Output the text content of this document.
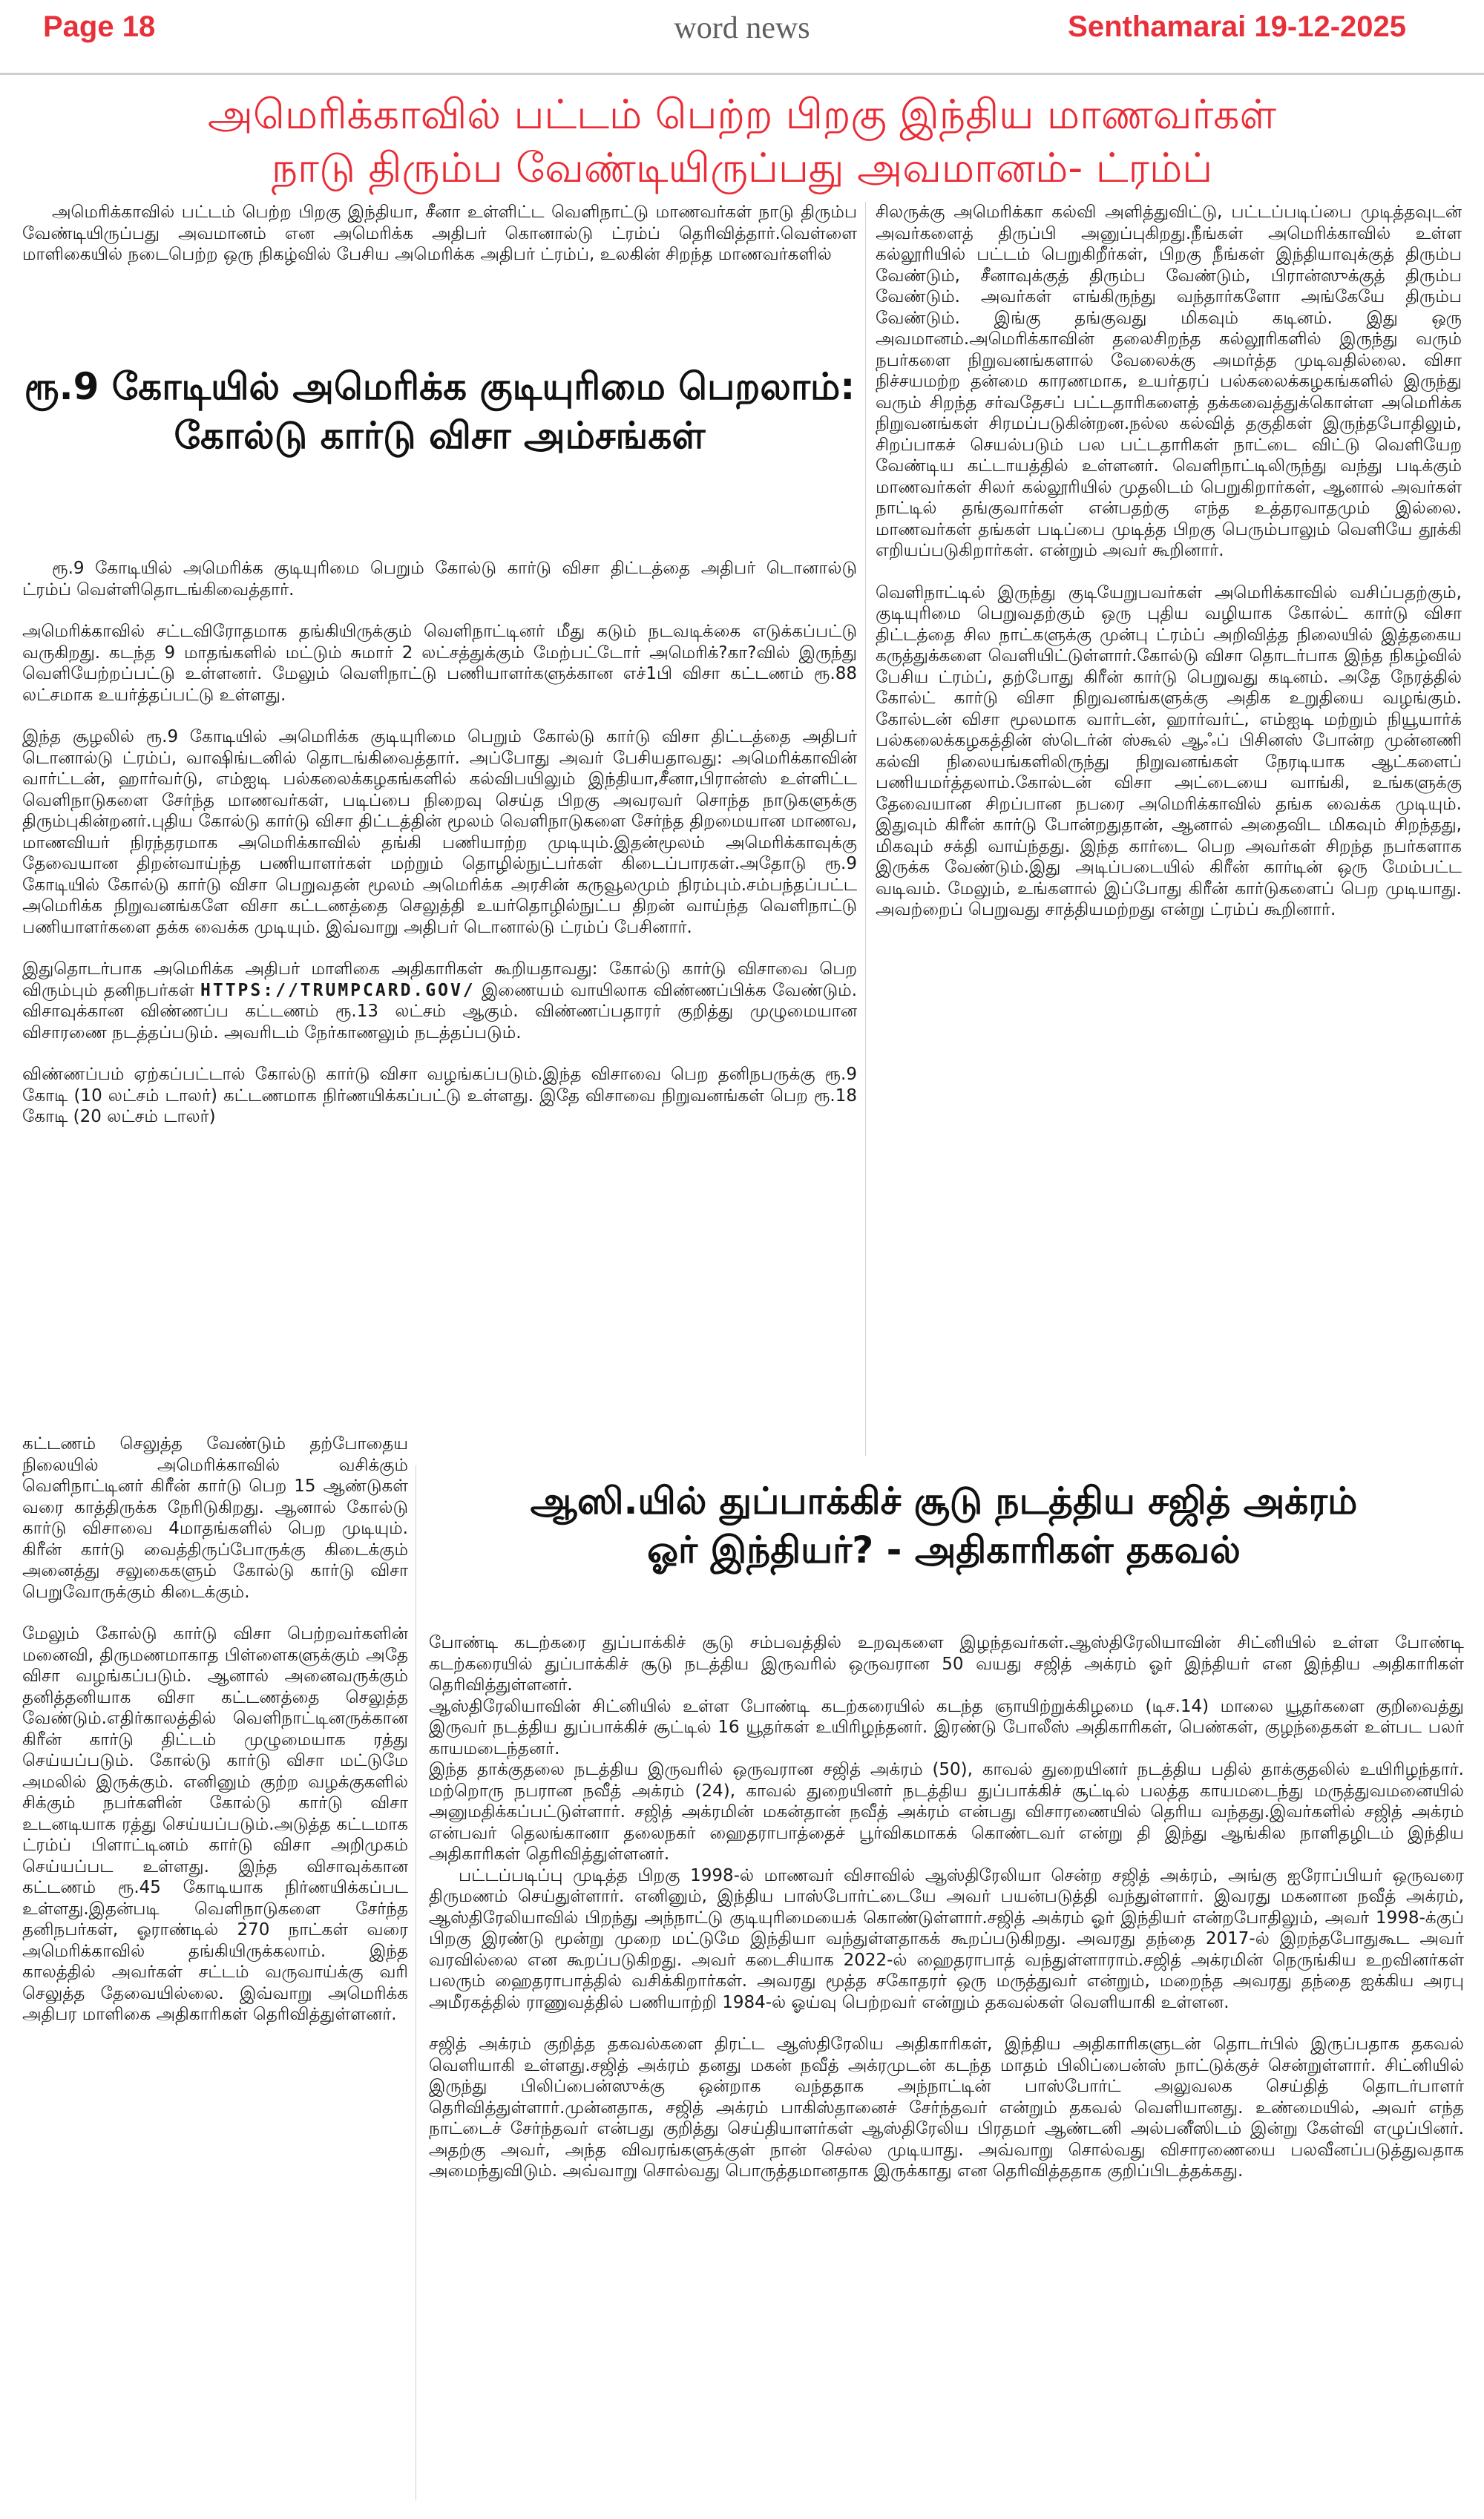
Page 18	word news	Senthamarai 19-12-2025
அமெரிக்காவில் பட்டம் பெற்ற பிறகு இந்திய மாணவர்கள்
நாடு திரும்ப வேண்டியிருப்பது அவமானம்- ட்ரம்ப்

அமெரிக்காவில் பட்டம் பெற்ற பிறகு இந்தியா, சீனா உள்ளிட்ட வெளிநாட்டு மாணவர்கள் நாடு திரும்ப வேண்டியிருப்பது அவமானம் என அமெரிக்க அதிபர் கொனால்டு ட்ரம்ப் தெரிவித்தார்.வெள்ளை மாளிகையில் நடைபெற்ற ஒரு நிகழ்வில் பேசிய அமெரிக்க அதிபர் ட்ரம்ப், உலகின் சிறந்த மாணவர்களில்

ரூ.9 கோடியில் அமெரிக்க குடியுரிமை பெறலாம்:
கோல்டு கார்டு விசா அம்சங்கள்

ரூ.9 கோடியில் அமெரிக்க குடியுரிமை பெறும் கோல்டு கார்டு விசா திட்டத்தை அதிபர் டொனால்டு ட்ரம்ப் வெள்ளிதொடங்கிவைத்தார்.

அமெரிக்காவில் சட்டவிரோதமாக தங்கியிருக்கும் வெளிநாட்டினர் மீது கடும் நடவடிக்கை எடுக்கப்பட்டு வருகிறது. கடந்த 9 மாதங்களில் மட்டும் சுமார் 2 லட்சத்துக்கும் மேற்பட்டோர் அமெரிக்?கா?வில் இருந்து வெளியேற்றப்பட்டு உள்ளனர். மேலும் வெளிநாட்டு பணியாளர்களுக்கான எச்1பி விசா கட்டணம் ரூ.88 லட்சமாக உயர்த்தப்பட்டு உள்ளது.

இந்த சூழலில் ரூ.9 கோடியில் அமெரிக்க குடியுரிமை பெறும் கோல்டு கார்டு விசா திட்டத்தை அதிபர் டொனால்டு ட்ரம்ப், வாஷிங்டனில் தொடங்கிவைத்தார். அப்போது அவர் பேசியதாவது: அமெரிக்காவின் வார்ட்டன், ஹார்வர்டு, எம்ஐடி பல்கலைக்கழகங்களில் கல்விபயிலும் இந்தியா,சீனா,பிரான்ஸ் உள்ளிட்ட வெளிநாடுகளை சேர்ந்த மாணவர்கள், படிப்பை நிறைவு செய்த பிறகு அவரவர் சொந்த நாடுகளுக்கு திரும்புகின்றனர்.புதிய கோல்டு கார்டு விசா திட்டத்தின் மூலம் வெளிநாடுகளை சேர்ந்த திறமையான மாணவ, மாணவியர் நிரந்தரமாக அமெரிக்காவில் தங்கி பணியாற்ற முடியும்.இதன்மூலம் அமெரிக்காவுக்கு தேவையான திறன்வாய்ந்த பணியாளர்கள் மற்றும் தொழில்நுட்பர்கள் கிடைப்பாரகள்.அதோடு ரூ.9 கோடியில் கோல்டு கார்டு விசா பெறுவதன் மூலம் அமெரிக்க அரசின் கருவூலமும் நிரம்பும்.சம்பந்தப்பட்ட அமெரிக்க நிறுவனங்களே விசா கட்டணத்தை செலுத்தி உயர்தொழில்நுட்ப திறன் வாய்ந்த வெளிநாட்டு பணியாளர்களை தக்க வைக்க முடியும். இவ்வாறு அதிபர் டொனால்டு ட்ரம்ப் பேசினார்.

இதுதொடர்பாக அமெரிக்க அதிபர் மாளிகை அதிகாரிகள் கூறியதாவது: கோல்டு கார்டு விசாவை பெற விரும்பும் தனிநபர்கள் HTTPS://TRUMPCARD.GOV/ இணையம் வாயிலாக விண்ணப்பிக்க வேண்டும். விசாவுக்கான விண்ணப்ப கட்டணம் ரூ.13 லட்சம் ஆகும். விண்ணப்பதாரர் குறித்து முழுமையான விசாரணை நடத்தப்படும். அவரிடம் நேர்காணலும் நடத்தப்படும்.

விண்ணப்பம் ஏற்கப்பட்டால் கோல்டு கார்டு விசா வழங்கப்படும்.இந்த விசாவை பெற தனிநபருக்கு ரூ.9 கோடி (10 லட்சம் டாலர்) கட்டணமாக நிர்ணயிக்கப்பட்டு உள்ளது. இதே விசாவை நிறுவனங்கள் பெற ரூ.18 கோடி (20 லட்சம் டாலர்)

கட்டணம் செலுத்த வேண்டும் தற்போதைய நிலையில் அமெரிக்காவில் வசிக்கும் வெளிநாட்டினர் கிரீன் கார்டு பெற 15 ஆண்டுகள் வரை காத்திருக்க நேரிடுகிறது. ஆனால் கோல்டு கார்டு விசாவை 4மாதங்களில் பெற முடியும். கிரீன் கார்டு வைத்திருப்போருக்கு கிடைக்கும் அனைத்து சலுகைகளும் கோல்டு கார்டு விசா பெறுவோருக்கும் கிடைக்கும்.

மேலும் கோல்டு கார்டு விசா பெற்றவர்களின் மனைவி, திருமணமாகாத பிள்ளைகளுக்கும் அதே விசா வழங்கப்படும். ஆனால் அனைவருக்கும் தனித்தனியாக விசா கட்டணத்தை செலுத்த வேண்டும்.எதிர்காலத்தில் வெளிநாட்டினருக்கான கிரீன் கார்டு திட்டம் முழுமையாக ரத்து செய்யப்படும். கோல்டு கார்டு விசா மட்டுமே அமலில் இருக்கும். எனினும் குற்ற வழக்குகளில் சிக்கும் நபர்களின் கோல்டு கார்டு விசா உடனடியாக ரத்து செய்யப்படும்.அடுத்த கட்டமாக ட்ரம்ப் பிளாட்டினம் கார்டு விசா அறிமுகம் செய்யப்பட உள்ளது. இந்த விசாவுக்கான கட்டணம் ரூ.45 கோடியாக நிர்ணயிக்கப்பட உள்ளது.இதன்படி வெளிநாடுகளை சேர்ந்த தனிநபர்கள், ஓராண்டில் 270 நாட்கள் வரை அமெரிக்காவில் தங்கியிருக்கலாம். இந்த காலத்தில் அவர்கள் சட்டம் வருவாய்க்கு வரி செலுத்த தேவையில்லை. இவ்வாறு அமெரிக்க அதிபர மாளிகை அதிகாரிகள் தெரிவித்துள்ளனர்.

சிலருக்கு அமெரிக்கா கல்வி அளித்துவிட்டு, பட்டப்படிப்பை முடித்தவுடன் அவர்களைத் திருப்பி அனுப்புகிறது.நீங்கள் அமெரிக்காவில் உள்ள கல்லூரியில் பட்டம் பெறுகிறீர்கள், பிறகு நீங்கள் இந்தியாவுக்குத் திரும்ப வேண்டும், சீனாவுக்குத் திரும்ப வேண்டும், பிரான்ஸுக்குத் திரும்ப வேண்டும். அவர்கள் எங்கிருந்து வந்தார்களோ அங்கேயே திரும்ப வேண்டும். இங்கு தங்குவது மிகவும் கடினம். இது ஒரு அவமானம்.அமெரிக்காவின் தலைசிறந்த கல்லூரிகளில் இருந்து வரும் நபர்களை நிறுவனங்களால் வேலைக்கு அமர்த்த முடிவதில்லை. விசா நிச்சயமற்ற தன்மை காரணமாக, உயர்தரப் பல்கலைக்கழகங்களில் இருந்து வரும் சிறந்த சர்வதேசப் பட்டதாரிகளைத் தக்கவைத்துக்கொள்ள அமெரிக்க நிறுவனங்கள் சிரமப்படுகின்றன.நல்ல கல்வித் தகுதிகள் இருந்தபோதிலும், சிறப்பாகச் செயல்படும் பல பட்டதாரிகள் நாட்டை விட்டு வெளியேற வேண்டிய கட்டாயத்தில் உள்ளனர். வெளிநாட்டிலிருந்து வந்து படிக்கும் மாணவர்கள் சிலர் கல்லூரியில் முதலிடம் பெறுகிறார்கள், ஆனால் அவர்கள் நாட்டில் தங்குவார்கள் என்பதற்கு எந்த உத்தரவாதமும் இல்லை. மாணவர்கள் தங்கள் படிப்பை முடித்த பிறகு பெரும்பாலும் வெளியே தூக்கி எறியப்படுகிறார்கள். என்றும் அவர் கூறினார்.

வெளிநாட்டில் இருந்து குடியேறுபவர்கள் அமெரிக்காவில் வசிப்பதற்கும், குடியுரிமை பெறுவதற்கும் ஒரு புதிய வழியாக கோல்ட் கார்டு விசா திட்டத்தை சில நாட்களுக்கு முன்பு ட்ரம்ப் அறிவித்த நிலையில் இத்தகைய கருத்துக்களை வெளியிட்டுள்ளார்.கோல்டு விசா தொடர்பாக இந்த நிகழ்வில் பேசிய ட்ரம்ப், தற்போது கிரீன் கார்டு பெறுவது கடினம். அதே நேரத்தில் கோல்ட் கார்டு விசா நிறுவனங்களுக்கு அதிக உறுதியை வழங்கும். கோல்டன் விசா மூலமாக வார்டன், ஹார்வர்ட், எம்ஐடி மற்றும் நியூயார்க் பல்கலைக்கழகத்தின் ஸ்டெர்ன் ஸ்கூல் ஆஃப் பிசினஸ் போன்ற முன்னணி கல்வி நிலையங்களிலிருந்து நிறுவனங்கள் நேரடியாக ஆட்களைப் பணியமர்த்தலாம்.கோல்டன் விசா அட்டையை வாங்கி, உங்களுக்கு தேவையான சிறப்பான நபரை அமெரிக்காவில் தங்க வைக்க முடியும். இதுவும் கிரீன் கார்டு போன்றதுதான், ஆனால் அதைவிட மிகவும் சிறந்தது, மிகவும் சக்தி வாய்ந்தது. இந்த கார்டை பெற அவர்கள் சிறந்த நபர்களாக இருக்க வேண்டும்.இது அடிப்படையில் கிரீன் கார்டின் ஒரு மேம்பட்ட வடிவம். மேலும், உங்களால் இப்போது கிரீன் கார்டுகளைப் பெற முடியாது. அவற்றைப் பெறுவது சாத்தியமற்றது என்று ட்ரம்ப் கூறினார்.

ஆஸி.யில் துப்பாக்கிச் சூடு நடத்திய சஜித் அக்ரம்
ஓர் இந்தியர்? - அதிகாரிகள் தகவல்

போண்டி கடற்கரை துப்பாக்கிச் சூடு சம்பவத்தில் உறவுகளை இழந்தவர்கள்.ஆஸ்திரேலியாவின் சிட்னியில் உள்ள போண்டி கடற்கரையில் துப்பாக்கிச் சூடு நடத்திய இருவரில் ஒருவரான 50 வயது சஜித் அக்ரம் ஓர் இந்தியர் என இந்திய அதிகாரிகள் தெரிவித்துள்ளனர்.

ஆஸ்திரேலியாவின் சிட்னியில் உள்ள போண்டி கடற்கரையில் கடந்த ஞாயிற்றுக்கிழமை (டிச.14) மாலை யூதர்களை குறிவைத்து இருவர் நடத்திய துப்பாக்கிச் சூட்டில் 16 யூதர்கள் உயிரிழந்தனர். இரண்டு போலீஸ் அதிகாரிகள், பெண்கள், குழந்தைகள் உள்பட பலர் காயமடைந்தனர்.

இந்த தாக்குதலை நடத்திய இருவரில் ஒருவரான சஜித் அக்ரம் (50), காவல் துறையினர் நடத்திய பதில் தாக்குதலில் உயிரிழந்தார். மற்றொரு நபரான நவீத் அக்ரம் (24), காவல் துறையினர் நடத்திய துப்பாக்கிச் சூட்டில் பலத்த காயமடைந்து மருத்துவமனையில் அனுமதிக்கப்பட்டுள்ளார். சஜித் அக்ரமின் மகன்தான் நவீத் அக்ரம் என்பது விசாரணையில் தெரிய வந்தது.இவர்களில் சஜித் அக்ரம் என்பவர் தெலங்கானா தலைநகர் ஹைதராபாத்தைச் பூர்விகமாகக் கொண்டவர் என்று தி இந்து ஆங்கில நாளிதழிடம் இந்திய அதிகாரிகள் தெரிவித்துள்ளனர்.

பட்டப்படிப்பு முடித்த பிறகு 1998-ல் மாணவர் விசாவில் ஆஸ்திரேலியா சென்ற சஜித் அக்ரம், அங்கு ஐரோப்பியர் ஒருவரை திருமணம் செய்துள்ளார். எனினும், இந்திய பாஸ்போர்ட்டையே அவர் பயன்படுத்தி வந்துள்ளார். இவரது மகனான நவீத் அக்ரம், ஆஸ்திரேலியாவில் பிறந்து அந்நாட்டு குடியுரிமையைக் கொண்டுள்ளார்.சஜித் அக்ரம் ஓர் இந்தியர் என்றபோதிலும், அவர் 1998-க்குப் பிறகு இரண்டு மூன்று முறை மட்டுமே இந்தியா வந்துள்ளதாகக் கூறப்படுகிறது. அவரது தந்தை 2017-ல் இறந்தபோதுகூட அவர் வரவில்லை என கூறப்படுகிறது. அவர் கடைசியாக 2022-ல் ஹைதராபாத் வந்துள்ளாராம்.சஜித் அக்ரமின் நெருங்கிய உறவினர்கள் பலரும் ஹைதராபாத்தில் வசிக்கிறார்கள். அவரது மூத்த சகோதரர் ஒரு மருத்துவர் என்றும், மறைந்த அவரது தந்தை ஐக்கிய அரபு அமீரகத்தில் ராணுவத்தில் பணியாற்றி 1984-ல் ஓய்வு பெற்றவர் என்றும் தகவல்கள் வெளியாகி உள்ளன.

சஜித் அக்ரம் குறித்த தகவல்களை திரட்ட ஆஸ்திரேலிய அதிகாரிகள், இந்திய அதிகாரிகளுடன் தொடர்பில் இருப்பதாக தகவல் வெளியாகி உள்ளது.சஜித் அக்ரம் தனது மகன் நவீத் அக்ரமுடன் கடந்த மாதம் பிலிப்பைன்ஸ் நாட்டுக்குச் சென்றுள்ளார். சிட்னியில் இருந்து பிலிப்பைன்ஸுக்கு ஒன்றாக வந்ததாக அந்நாட்டின் பாஸ்போர்ட் அலுவலக செய்தித் தொடர்பாளர் தெரிவித்துள்ளார்.முன்னதாக, சஜித் அக்ரம் பாகிஸ்தானைச் சேர்ந்தவர் என்றும் தகவல் வெளியானது. உண்மையில், அவர் எந்த நாட்டைச் சேர்ந்தவர் என்பது குறித்து செய்தியாளர்கள் ஆஸ்திரேலிய பிரதமர் ஆண்டனி அல்பனீஸிடம் இன்று கேள்வி எழுப்பினர். அதற்கு அவர், அந்த விவரங்களுக்குள் நான் செல்ல முடியாது. அவ்வாறு சொல்வது விசாரணையை பலவீனப்படுத்துவதாக அமைந்துவிடும். அவ்வாறு சொல்வது பொருத்தமானதாக இருக்காது என தெரிவித்ததாக குறிப்பிடத்தக்கது.
